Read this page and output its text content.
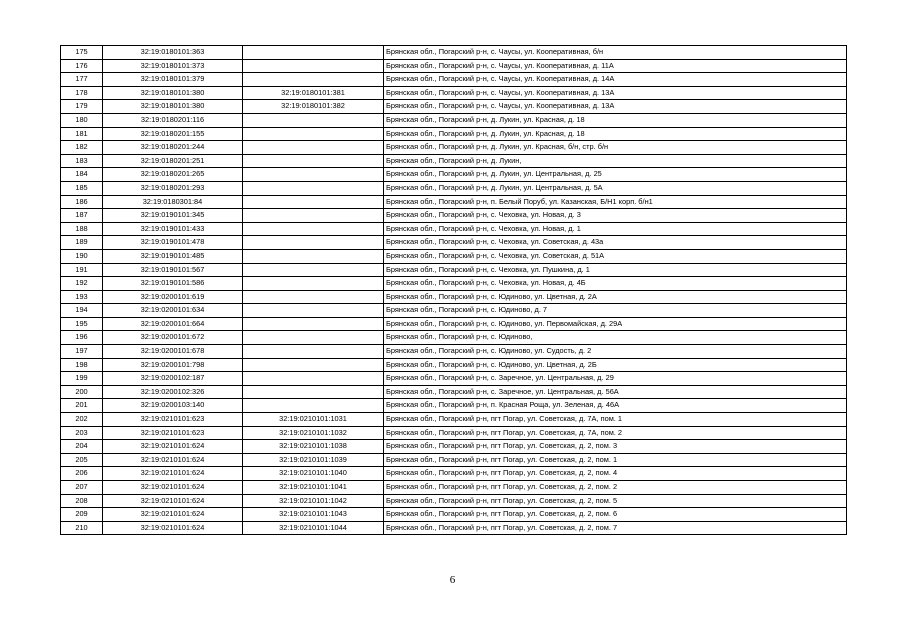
175	32:19:0180101:363		Брянская обл., Погарский р-н, с. Чаусы, ул. Кооперативная, б/н
176	32:19:0180101:373		Брянская обл., Погарский р-н, с. Чаусы, ул. Кооперативная, д. 11А
177	32:19:0180101:379		Брянская обл., Погарский р-н, с. Чаусы, ул. Кооперативная, д. 14А
178	32:19:0180101:380	32:19:0180101:381	Брянская обл., Погарский р-н, с. Чаусы, ул. Кооперативная, д. 13А
179	32:19:0180101:380	32:19:0180101:382	Брянская обл., Погарский р-н, с. Чаусы, ул. Кооперативная, д. 13А
180	32:19:0180201:116		Брянская обл., Погарский р-н, д. Лукин, ул. Красная, д. 18
181	32:19:0180201:155		Брянская обл., Погарский р-н, д. Лукин, ул. Красная, д. 18
182	32:19:0180201:244		Брянская обл., Погарский р-н, д. Лукин, ул. Красная, б/н, стр. б/н
183	32:19:0180201:251		Брянская обл., Погарский р-н, д. Лукин,
184	32:19:0180201:265		Брянская обл., Погарский р-н, д. Лукин, ул. Центральная, д. 25
185	32:19:0180201:293		Брянская обл., Погарский р-н, д. Лукин, ул. Центральная, д. 5А
186	32:19:0180301:84		Брянская обл., Погарский р-н, п. Белый Поруб, ул. Казанская, Б/Н1 корп. б/н1
187	32:19:0190101:345		Брянская обл., Погарский р-н, с. Чеховка, ул. Новая, д. 3
188	32:19:0190101:433		Брянская обл., Погарский р-н, с. Чеховка, ул. Новая, д. 1
189	32:19:0190101:478		Брянская обл., Погарский р-н, с. Чеховка, ул. Советская, д. 43а
190	32:19:0190101:485		Брянская обл., Погарский р-н, с. Чеховка, ул. Советская, д. 51А
191	32:19:0190101:567		Брянская обл., Погарский р-н, с. Чеховка, ул. Пушкина, д. 1
192	32:19:0190101:586		Брянская обл., Погарский р-н, с. Чеховка, ул. Новая, д. 4Б
193	32:19:0200101:619		Брянская обл., Погарский р-н, с. Юдиново, ул. Цветная, д. 2А
194	32:19:0200101:634		Брянская обл., Погарский р-н, с. Юдиново, д. 7
195	32:19:0200101:664		Брянская обл., Погарский р-н, с. Юдиново, ул. Первомайская, д. 29А
196	32:19:0200101:672		Брянская обл., Погарский р-н, с. Юдиново,
197	32:19:0200101:678		Брянская обл., Погарский р-н, с. Юдиново, ул. Судость, д. 2
198	32:19:0200101:798		Брянская обл., Погарский р-н, с. Юдиново, ул. Цветная, д. 2Б
199	32:19:0200102:187		Брянская обл., Погарский р-н, с. Заречное, ул. Центральная, д. 29
200	32:19:0200102:326		Брянская обл., Погарский р-н, с. Заречное, ул. Центральная, д. 56А
201	32:19:0200103:140		Брянская обл., Погарский р-н, п. Красная Роща, ул. Зеленая, д. 46А
202	32:19:0210101:623	32:19:0210101:1031	Брянская обл., Погарский р-н, пгт Погар, ул. Советская, д. 7А, пом. 1
203	32:19:0210101:623	32:19:0210101:1032	Брянская обл., Погарский р-н, пгт Погар, ул. Советская, д. 7А, пом. 2
204	32:19:0210101:624	32:19:0210101:1038	Брянская обл., Погарский р-н, пгт Погар, ул. Советская, д. 2, пом. 3
205	32:19:0210101:624	32:19:0210101:1039	Брянская обл., Погарский р-н, пгт Погар, ул. Советская, д. 2, пом. 1
206	32:19:0210101:624	32:19:0210101:1040	Брянская обл., Погарский р-н, пгт Погар, ул. Советская, д. 2, пом. 4
207	32:19:0210101:624	32:19:0210101:1041	Брянская обл., Погарский р-н, пгт Погар, ул. Советская, д. 2, пом. 2
208	32:19:0210101:624	32:19:0210101:1042	Брянская обл., Погарский р-н, пгт Погар, ул. Советская, д. 2, пом. 5
209	32:19:0210101:624	32:19:0210101:1043	Брянская обл., Погарский р-н, пгт Погар, ул. Советская, д. 2, пом. 6
210	32:19:0210101:624	32:19:0210101:1044	Брянская обл., Погарский р-н, пгт Погар, ул. Советская, д. 2, пом. 7
6
